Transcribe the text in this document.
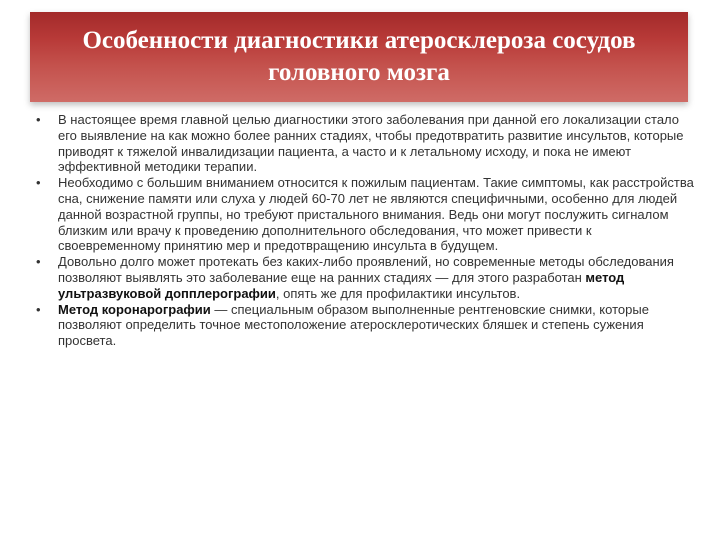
Особенности диагностики атеросклероза сосудов головного мозга
•	В настоящее время главной целью диагностики этого заболевания при данной его локализации стало его выявление на как можно более ранних стадиях, чтобы предотвратить развитие инсультов, которые приводят к тяжелой инвалидизации пациента, а часто и к летальному исходу, и пока не имеют эффективной методики терапии.
•	Необходимо с большим вниманием относится к пожилым пациентам. Такие симптомы, как расстройства сна, снижение памяти или слуха у людей 60-70 лет не являются специфичными, особенно для людей данной возрастной группы, но требуют пристального внимания. Ведь они могут послужить сигналом близким или врачу к проведению дополнительного обследования, что может привести к своевременному принятию мер и предотвращению инсульта в будущем.
•	Довольно долго может протекать без каких-либо проявлений, но современные методы обследования позволяют выявлять это заболевание еще на ранних стадиях — для этого разработан метод ультразвуковой допплерографии, опять же для профилактики инсультов.
•	Метод коронарографии — специальным образом выполненные рентгеновские снимки, которые позволяют определить точное местоположение атеросклеротических бляшек и степень сужения просвета.
